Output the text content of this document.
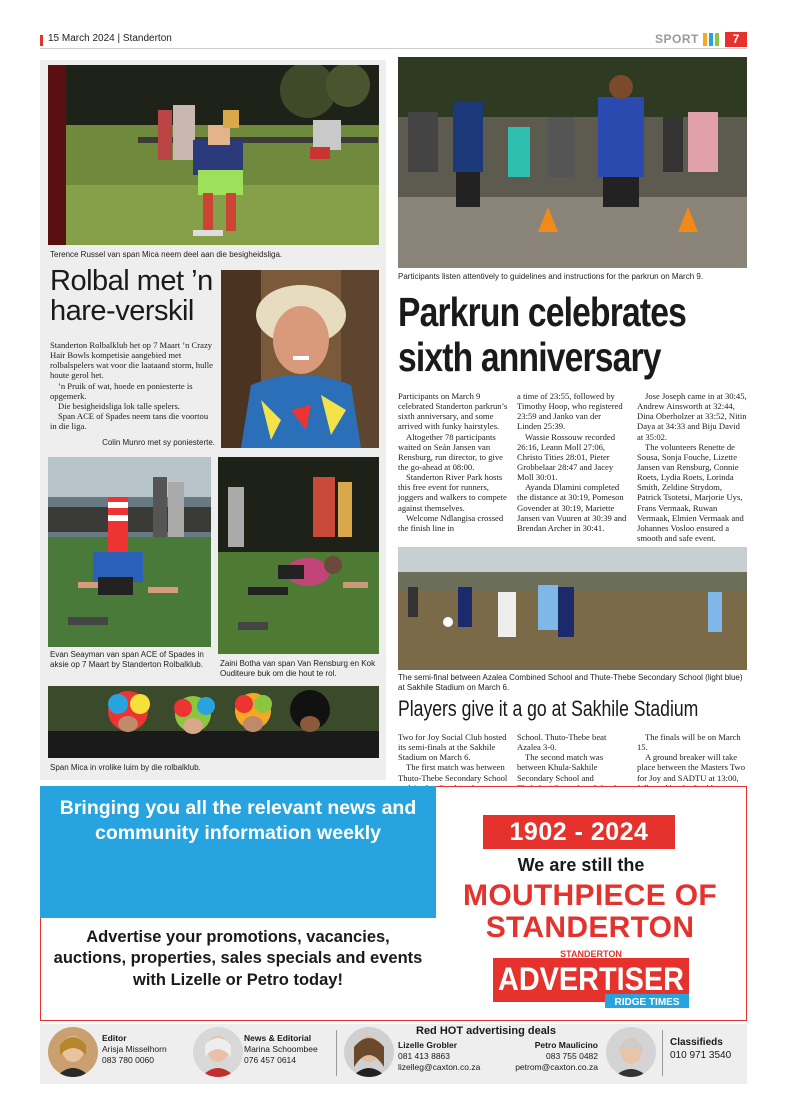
15 March 2024 | Standerton	SPORT	7
Terence Russel van span Mica neem deel aan die besigheidsliga.
Rolbal met ’n hare-verskil

Standerton Rolbalklub het op 7 Maart ’n Crazy Hair Bowls kompetisie aangebied met rolbalspelers wat voor die laataand storm, hulle houte gerol het.

’n Pruik of wat, hoede en poniesterte is opgemerk.

Die besigheidsliga lok talle spelers.

Span ACE of Spades neem tans die voortou in die liga.

Colin Munro met sy poniesterte.
Evan Seayman van span ACE of Spades in aksie op 7 Maart by Standerton Rolbalklub.	Zaini Botha van span Van Rensburg en Kok Ouditeure buk om die hout te rol.
Span Mica in vrolike luim by die rolbalklub.
Participants listen attentively to guidelines and instructions for the parkrun on March 9.
Parkrun celebrates
sixth anniversary

Participants on March 9 celebrated Standerton parkrun’s sixth anniversary, and some arrived with funky hairstyles.

Altogether 78 participants waited on Seán Jansen van Rensburg, run director, to give the go-ahead at 08:00.

Standerton River Park hosts this free event for runners, joggers and walkers to compete against themselves.

Welcome Ndlangisa crossed the finish line in

a time of 23:55, followed by Timothy Hoop, who registered 23:59 and Janko van der Linden 25:39.

Wassie Rossouw recorded 26:16, Leann Moll 27:06, Christo Tities 28:01, Pieter Grobbelaar 28:47 and Jacey Moll 30:01.

Ayanda Dlamini completed the distance at 30:19, Pomeson Govender at 30:19, Mariette Jansen van Vuuren at 30:39 and Brendan Archer in 30:41.

Jose Joseph came in at 30:45, Andrew Ainsworth at 32:44, Dina Oberholzer at 33:52, Nitin Daya at 34:33 and Biju David at 35:02.

The volunteers Renette de Sousa, Sonja Fouche, Lizette Jansen van Rensburg, Connie Roets, Lydia Roets, Lorinda Smith, Zeldine Strydom, Patrick Tsotetsi, Marjorie Uys, Frans Vermaak, Ruwan Vermaak, Elmien Vermaak and Johannes Vosloo ensured a smooth and safe event.

The semi-final between Azalea Combined School and Thute-Thebe Secondary School (light blue) at Sakhile Stadium on March 6.
Players give it a go at Sakhile Stadium

Two for Joy Social Club hosted its semi-finals at the Sakhile Stadium on March 6.

The first match was between Thuto-Thebe Secondary School

School. Thuto-Thebe beat Azalea 3-0.

The second match was between Khula-Sakhile Secondary School and

The finals will be on March 15.

A ground breaker will take place between the Masters Two for Joy and SADTU at 13:00,

Bringing you all the relevant news and community information weekly
Advertise your promotions, vacancies, auctions, properties, sales specials and events with Lizelle or Petro today!
1902 - 2024
We are still the
MOUTHPIECE OF
STANDERTON
STANDERTON
ADVERTISER
RIDGE TIMES
Editor
Arisja Misselhorn
083 780 0060
News & Editorial
Marina Schoombee
076 457 0614
Red HOT advertising deals
Lizelle Grobler
081 413 8863
lizelleg@caxton.co.za
Petro Maulicino
083 755 0482
petrom@caxton.co.za
Classifieds
010 971 3540
